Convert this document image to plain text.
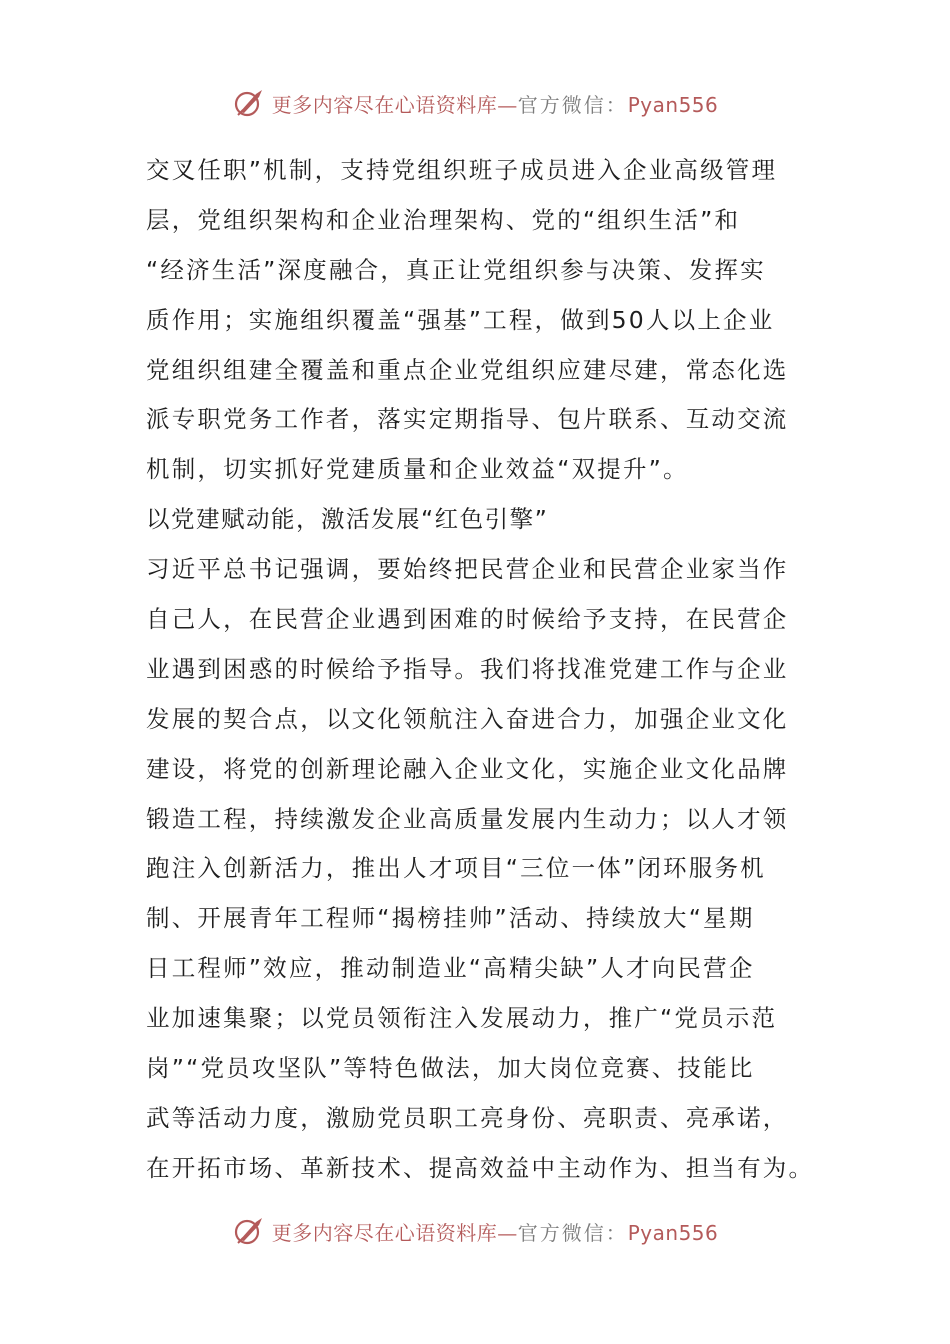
更多内容尽在心语资料库—官方微信：Pyan556
交叉任职”机制，支持党组织班子成员进入企业高级管理
层，党组织架构和企业治理架构、党的“组织生活”和
“经济生活”深度融合，真正让党组织参与决策、发挥实
质作用；实施组织覆盖“强基”工程，做到50人以上企业
党组织组建全覆盖和重点企业党组织应建尽建，常态化选
派专职党务工作者，落实定期指导、包片联系、互动交流
机制，切实抓好党建质量和企业效益“双提升”。
以党建赋动能，激活发展“红色引擎”
习近平总书记强调，要始终把民营企业和民营企业家当作
自己人，在民营企业遇到困难的时候给予支持，在民营企
业遇到困惑的时候给予指导。我们将找准党建工作与企业
发展的契合点，以文化领航注入奋进合力，加强企业文化
建设，将党的创新理论融入企业文化，实施企业文化品牌
锻造工程，持续激发企业高质量发展内生动力；以人才领
跑注入创新活力，推出人才项目“三位一体”闭环服务机
制、开展青年工程师“揭榜挂帅”活动、持续放大“星期
日工程师”效应，推动制造业“高精尖缺”人才向民营企
业加速集聚；以党员领衔注入发展动力，推广“党员示范
岗”“党员攻坚队”等特色做法，加大岗位竞赛、技能比
武等活动力度，激励党员职工亮身份、亮职责、亮承诺，
在开拓市场、革新技术、提高效益中主动作为、担当有为。
更多内容尽在心语资料库—官方微信：Pyan556
